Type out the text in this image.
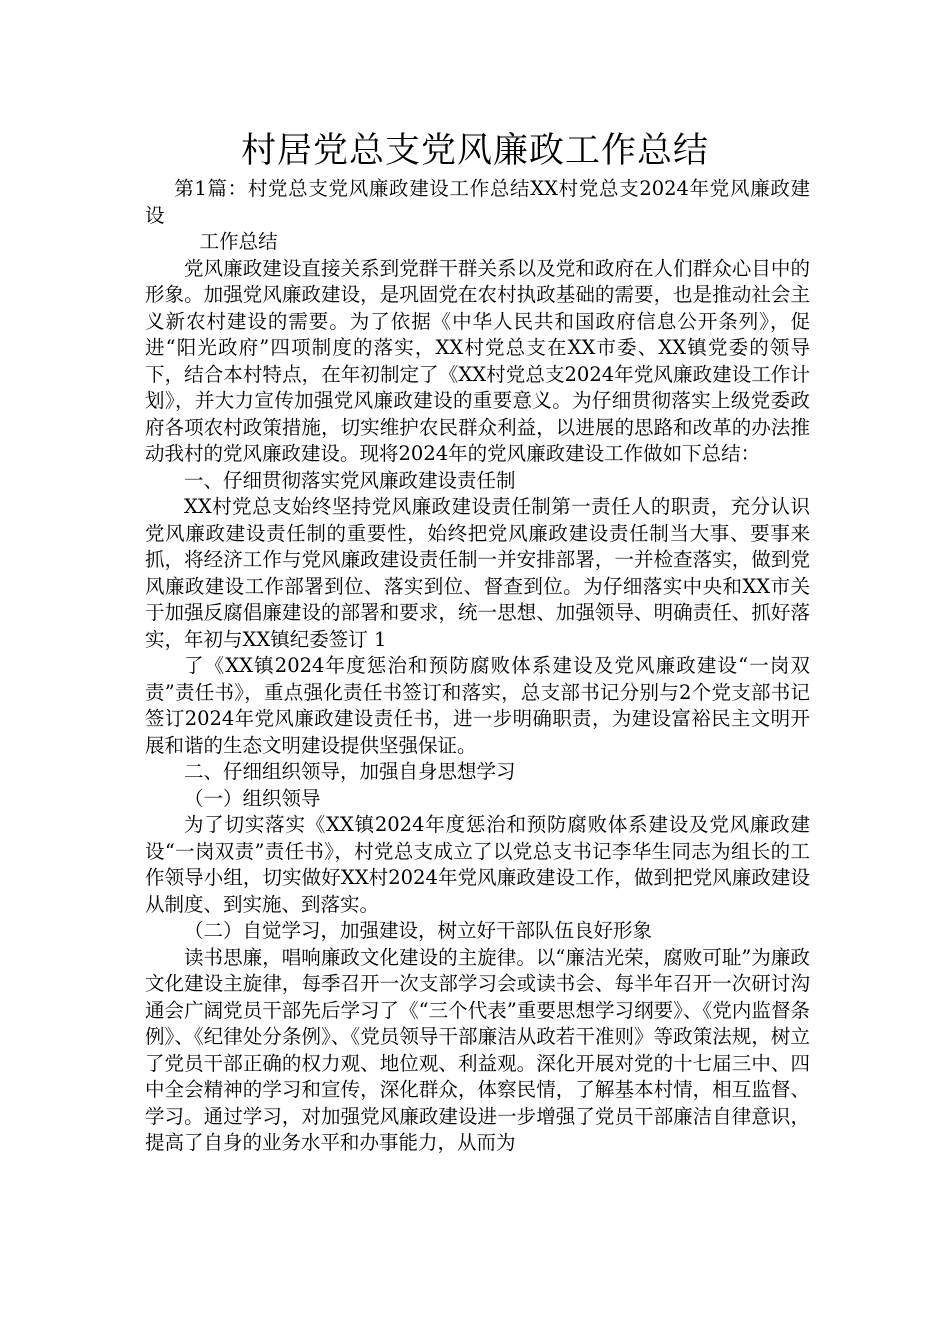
村居党总支党风廉政工作总结

第1篇：村党总支党风廉政建设工作总结XX村党总支2024年党风廉政建设

工作总结

党风廉政建设直接关系到党群干群关系以及党和政府在人们群众心目中的形象。加强党风廉政建设，是巩固党在农村执政基础的需要，也是推动社会主义新农村建设的需要。为了依据《中华人民共和国政府信息公开条列》，促进“阳光政府”四项制度的落实，XX村党总支在XX市委、XX镇党委的领导下，结合本村特点，在年初制定了《XX村党总支2024年党风廉政建设工作计划》，并大力宣传加强党风廉政建设的重要意义。为仔细贯彻落实上级党委政府各项农村政策措施，切实维护农民群众利益，以进展的思路和改革的办法推动我村的党风廉政建设。现将2024年的党风廉政建设工作做如下总结：

一、仔细贯彻落实党风廉政建设责任制

XX村党总支始终坚持党风廉政建设责任制第一责任人的职责，充分认识党风廉政建设责任制的重要性，始终把党风廉政建设责任制当大事、要事来抓，将经济工作与党风廉政建设责任制一并安排部署，一并检查落实，做到党风廉政建设工作部署到位、落实到位、督查到位。为仔细落实中央和XX市关于加强反腐倡廉建设的部署和要求，统一思想、加强领导、明确责任、抓好落实，年初与XX镇纪委签订 1

了《XX镇2024年度惩治和预防腐败体系建设及党风廉政建设“一岗双责”责任书》，重点强化责任书签订和落实，总支部书记分别与2个党支部书记签订2024年党风廉政建设责任书，进一步明确职责，为建设富裕民主文明开展和谐的生态文明建设提供坚强保证。

二、仔细组织领导，加强自身思想学习

（一）组织领导

为了切实落实《XX镇2024年度惩治和预防腐败体系建设及党风廉政建设“一岗双责”责任书》，村党总支成立了以党总支书记李华生同志为组长的工作领导小组，切实做好XX村2024年党风廉政建设工作，做到把党风廉政建设从制度、到实施、到落实。

（二）自觉学习，加强建设，树立好干部队伍良好形象

读书思廉，唱响廉政文化建设的主旋律。以“廉洁光荣，腐败可耻”为廉政文化建设主旋律，每季召开一次支部学习会或读书会、每半年召开一次研讨沟通会广阔党员干部先后学习了《“三个代表”重要思想学习纲要》、《党内监督条例》、《纪律处分条例》、《党员领导干部廉洁从政若干准则》等政策法规，树立了党员干部正确的权力观、地位观、利益观。深化开展对党的十七届三中、四中全会精神的学习和宣传，深化群众，体察民情，了解基本村情，相互监督、学习。通过学习，对加强党风廉政建设进一步增强了党员干部廉洁自律意识，提高了自身的业务水平和办事能力，从而为
